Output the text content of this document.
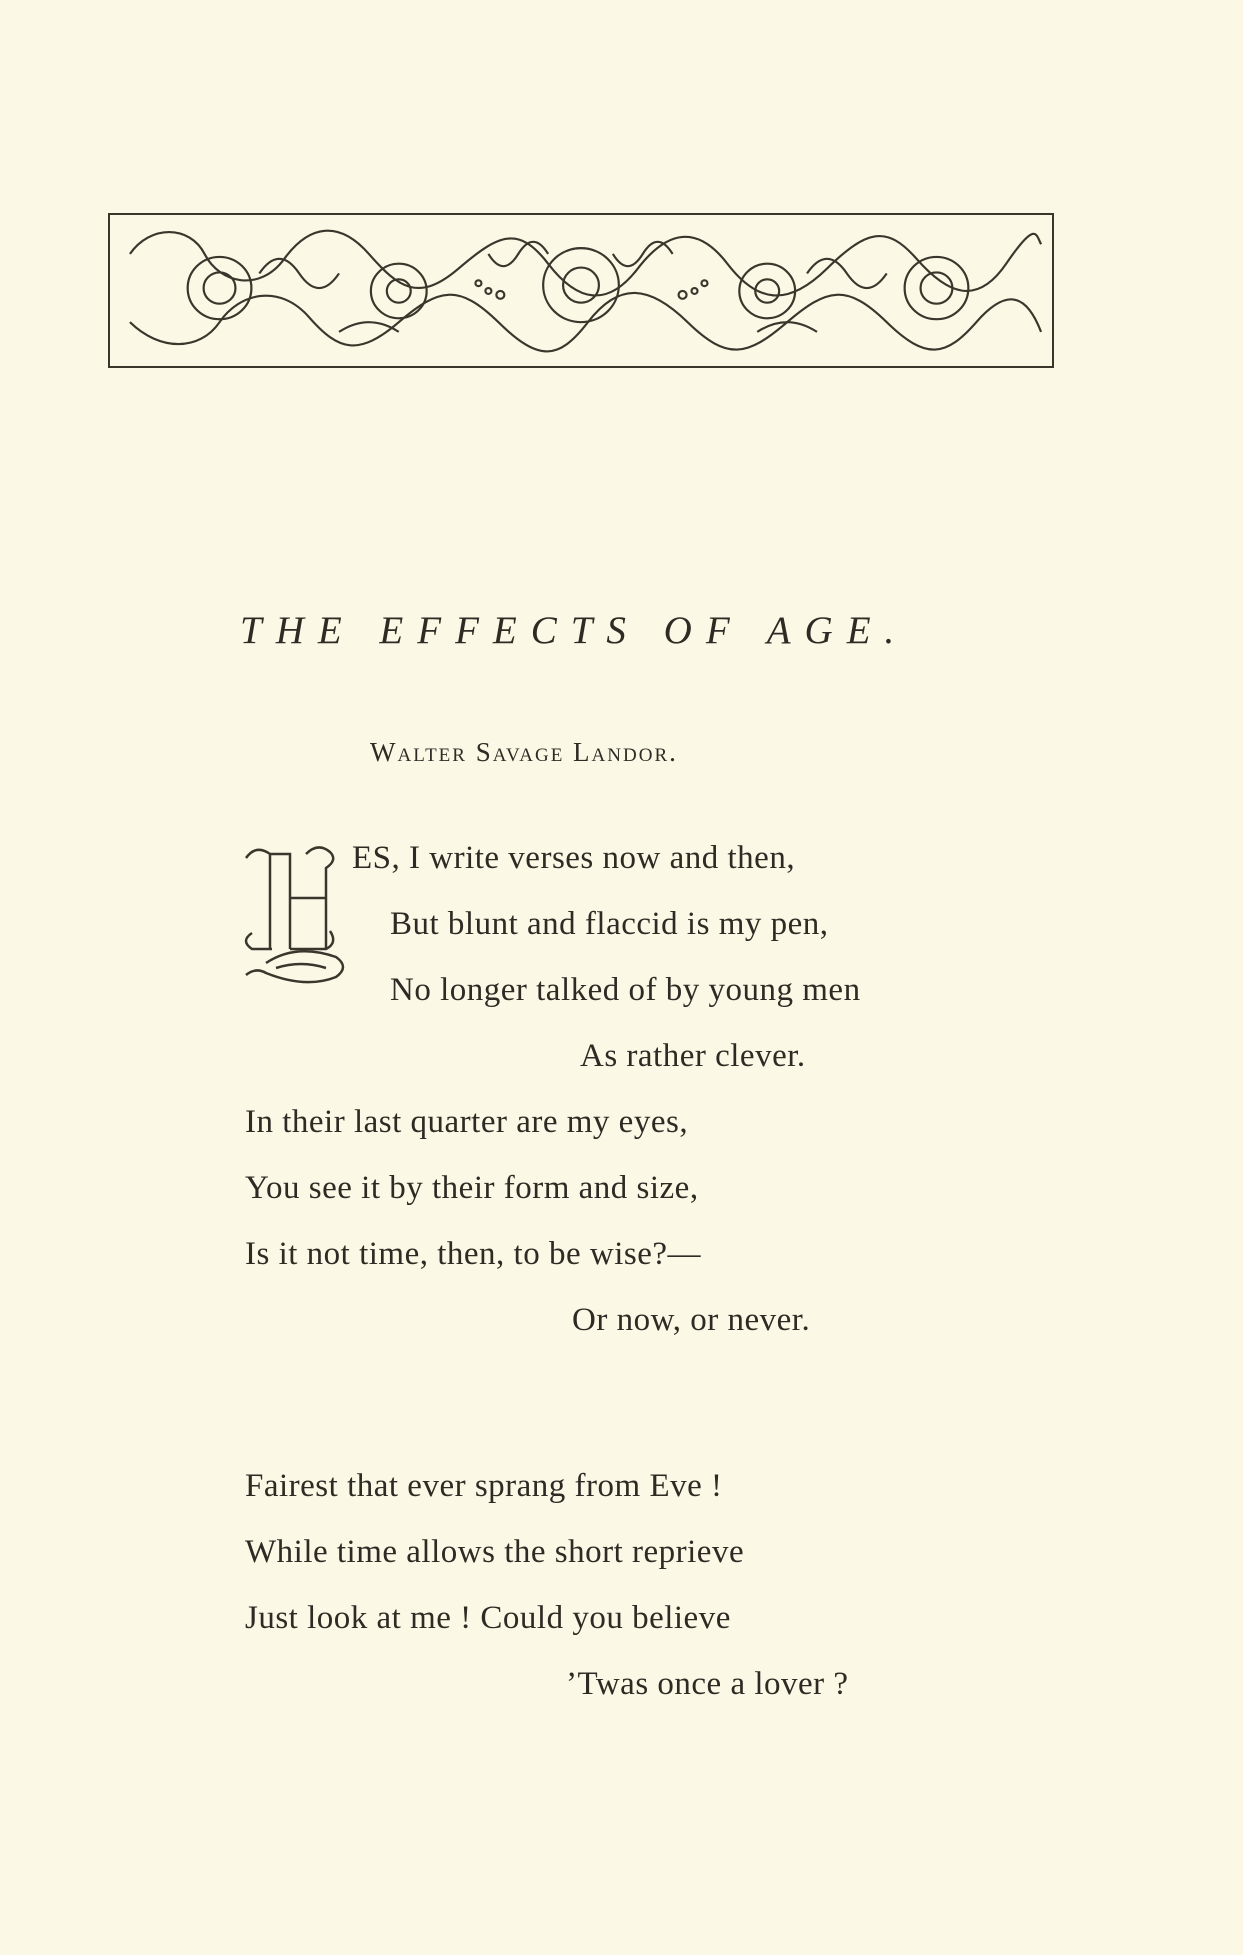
THE EFFECTS OF AGE.
Walter Savage Landor.
ES, I write verses now and then,
But blunt and flaccid is my pen,
No longer talked of by young men
As rather clever.
In their last quarter are my eyes,
You see it by their form and size,
Is it not time, then, to be wise?—
Or now, or never.
Fairest that ever sprang from Eve !
While time allows the short reprieve
Just look at me ! Could you believe
’Twas once a lover ?
